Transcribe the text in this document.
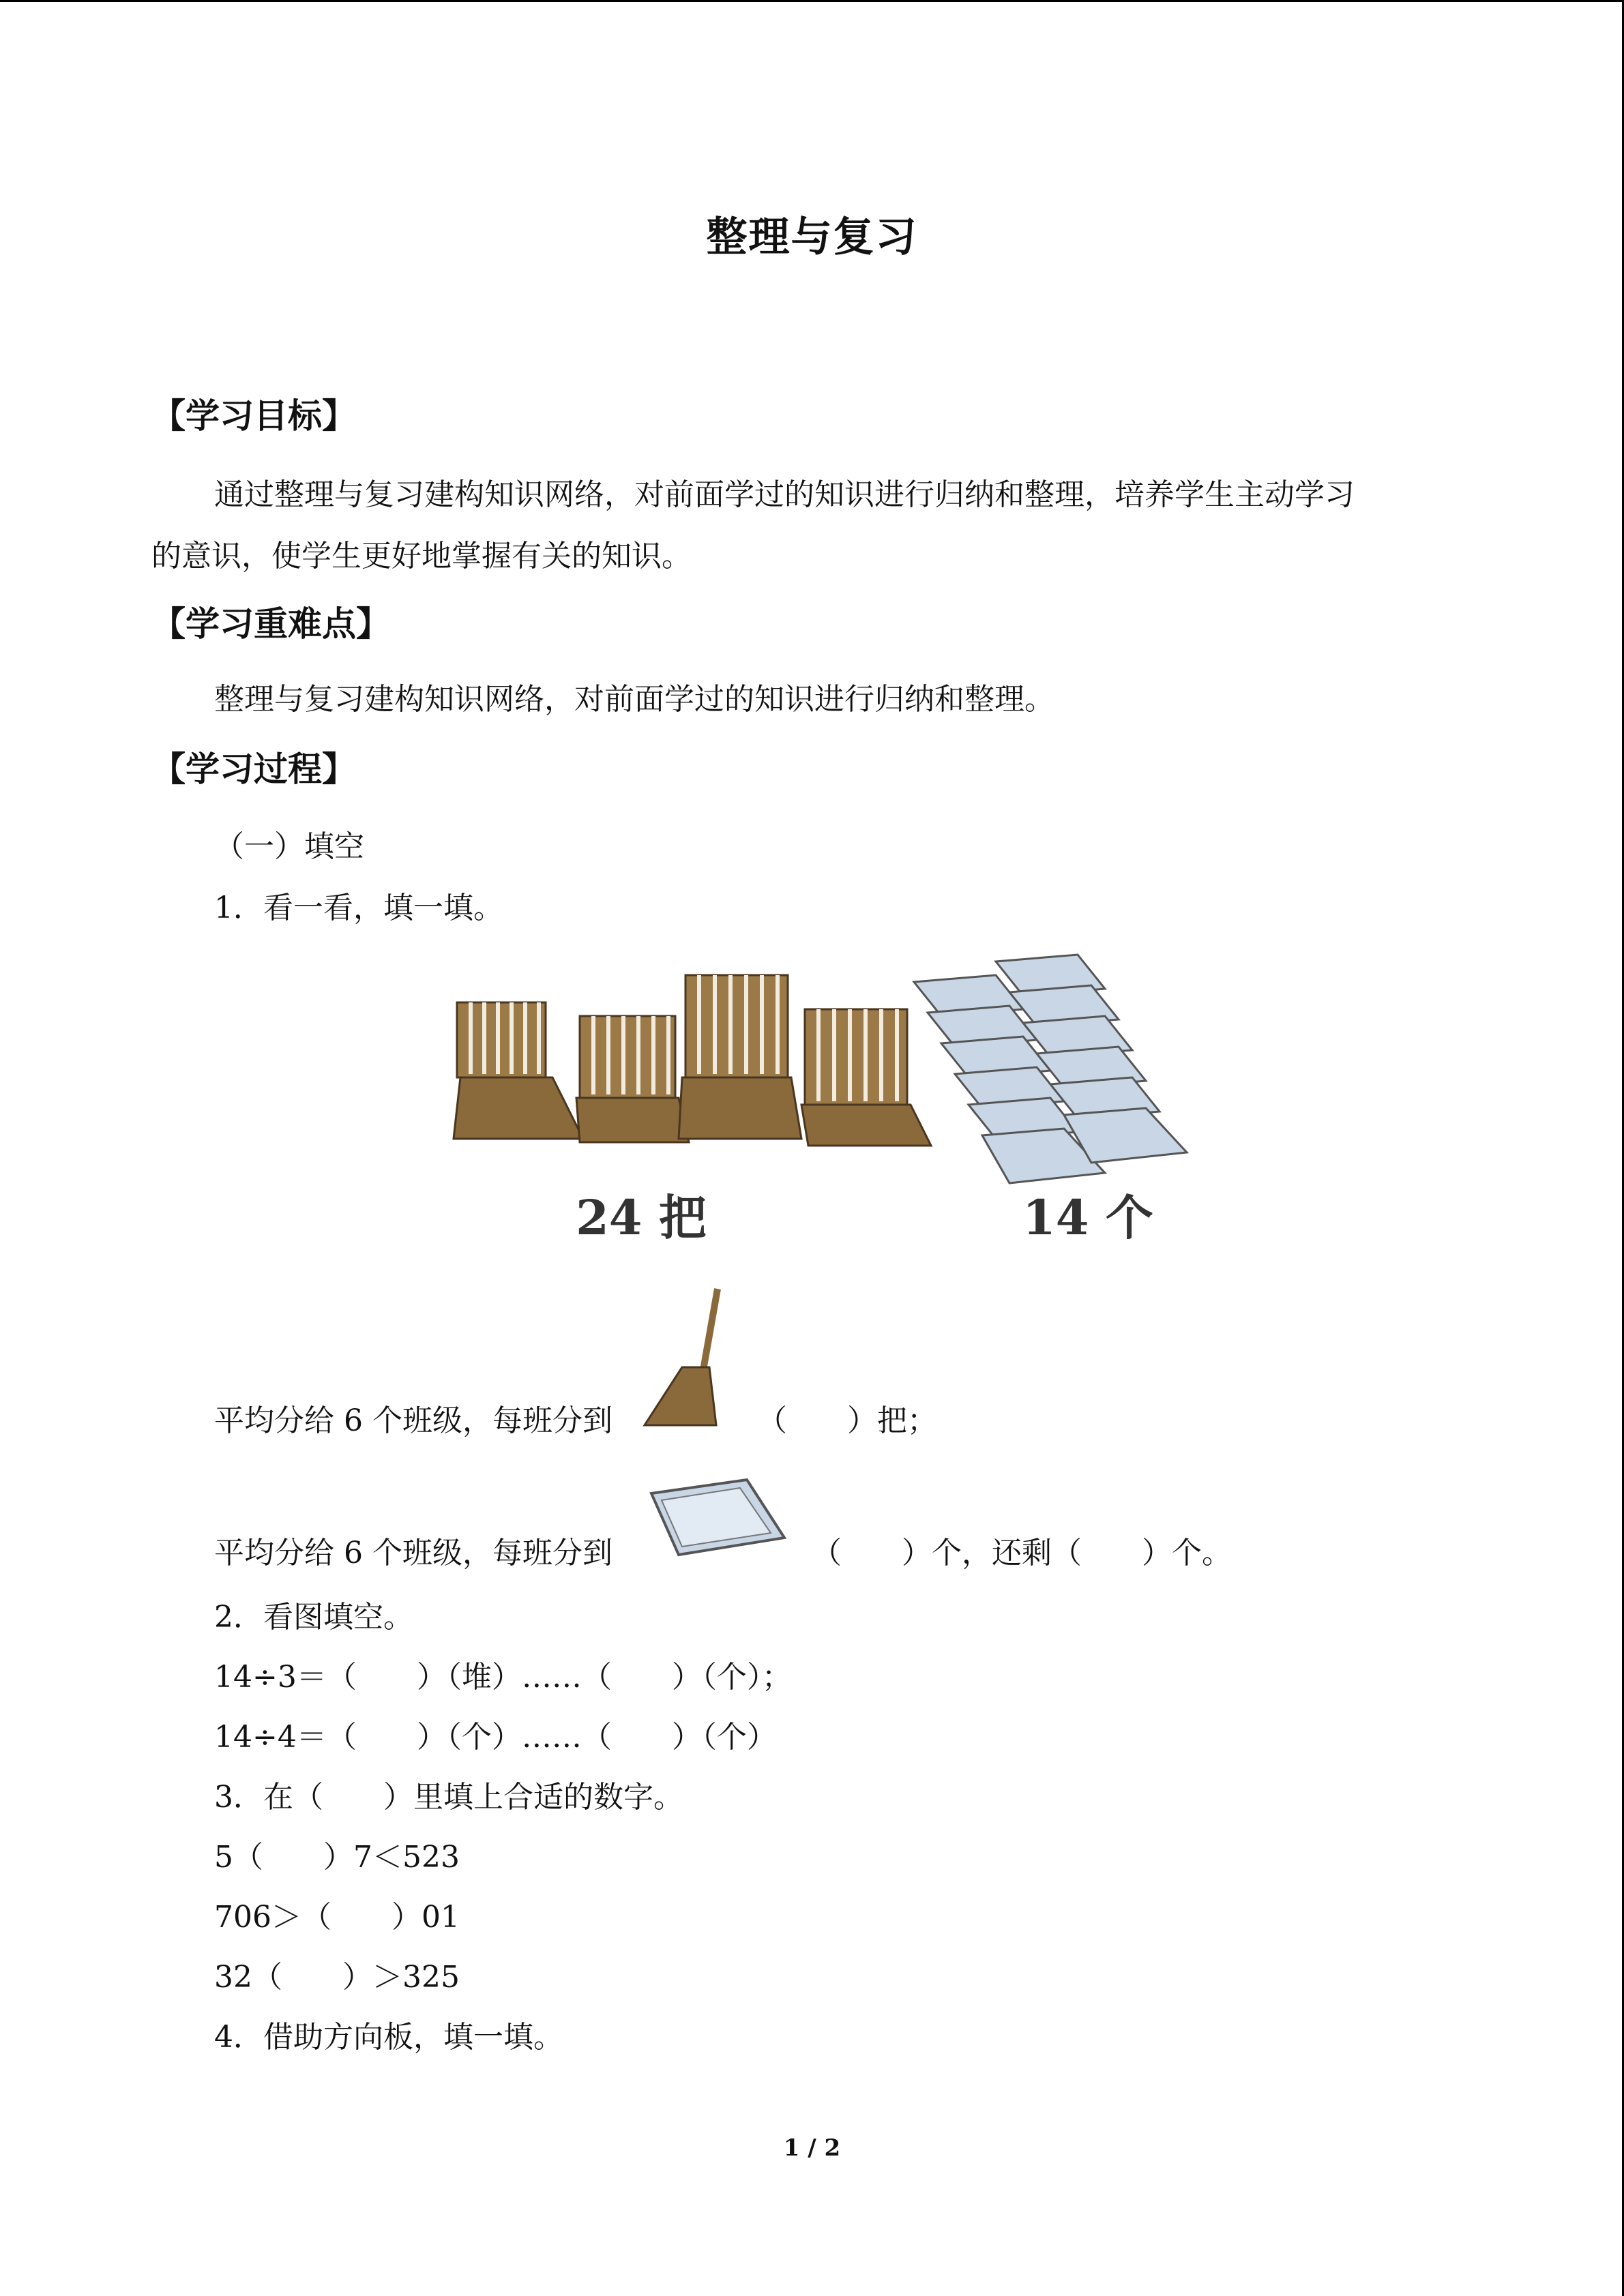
整理与复习
【学习目标】
通过整理与复习建构知识网络，对前面学过的知识进行归纳和整理，培养学生主动学习
的意识，使学生更好地掌握有关的知识。
【学习重难点】
整理与复习建构知识网络，对前面学过的知识进行归纳和整理。
【学习过程】
（一）填空
1．看一看，填一填。
24 把	14 个
平均分给 6 个班级，每班分到	（　　）把；
平均分给 6 个班级，每班分到	（　　）个，还剩（　　）个。
2．看图填空。
14÷3＝（　　）（堆）……（　　）（个）；
14÷4＝（　　）（个）……（　　）（个）
3．在（　　）里填上合适的数字。
5（　　）7＜523
706＞（　　）01
32（　　）＞325
4．借助方向板，填一填。
1 / 2
